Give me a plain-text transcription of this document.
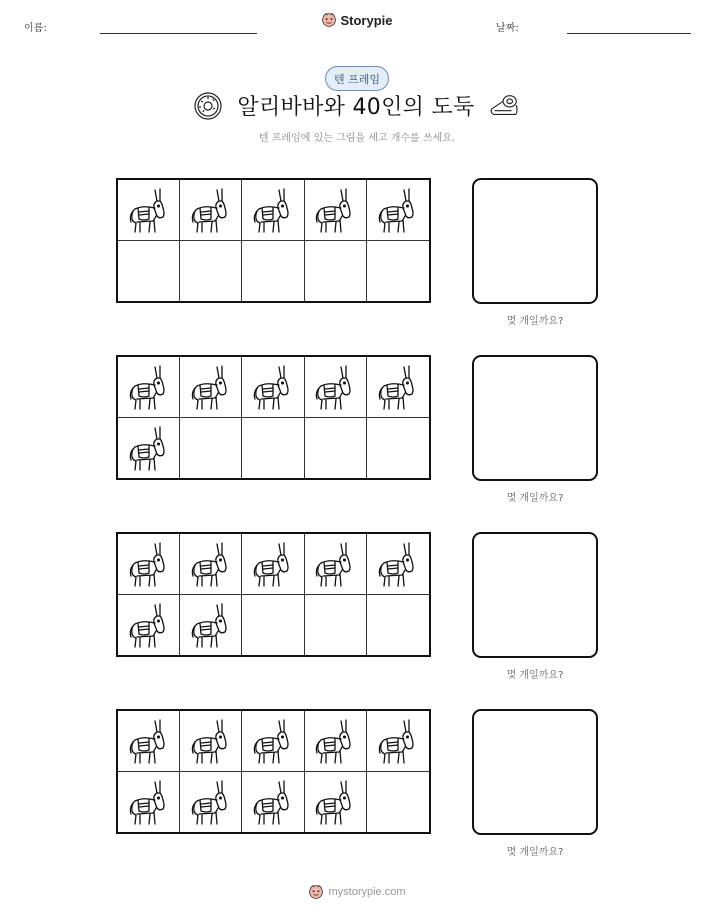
이름:
Storypie
날짜:
텐 프레임
알리바바와 40인의 도둑
텐 프레임에 있는 그림을 세고 개수를 쓰세요.
몇 개일까요?
몇 개일까요?
몇 개일까요?
몇 개일까요?
mystorypie.com
